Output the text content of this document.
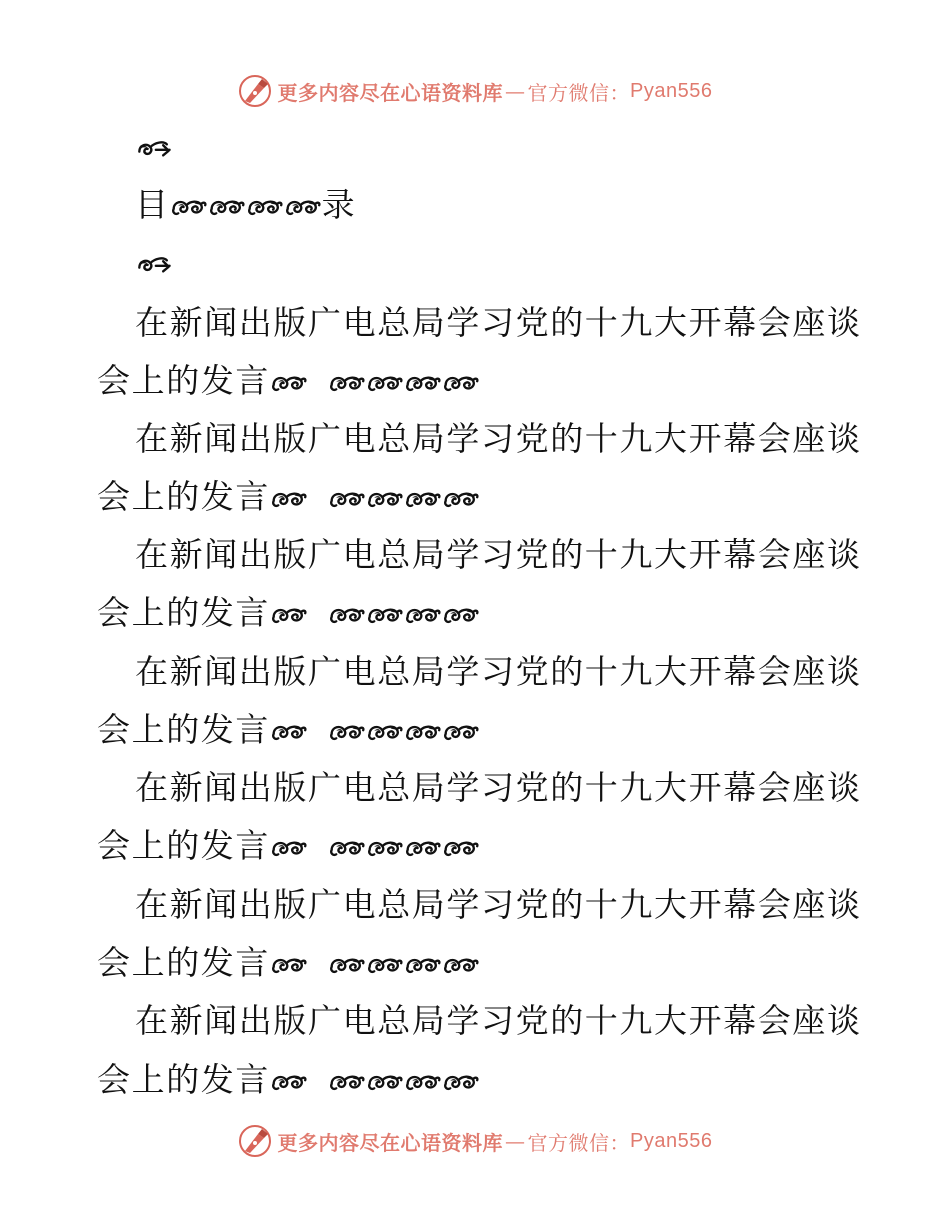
更多内容尽在心语资料库 — 官方微信： Pyan556
目	录
在新闻出版广电总局学习党的十九大开幕会座谈
会上的发言
在新闻出版广电总局学习党的十九大开幕会座谈
会上的发言
在新闻出版广电总局学习党的十九大开幕会座谈
会上的发言
在新闻出版广电总局学习党的十九大开幕会座谈
会上的发言
在新闻出版广电总局学习党的十九大开幕会座谈
会上的发言
在新闻出版广电总局学习党的十九大开幕会座谈
会上的发言
在新闻出版广电总局学习党的十九大开幕会座谈
会上的发言
更多内容尽在心语资料库 — 官方微信： Pyan556
